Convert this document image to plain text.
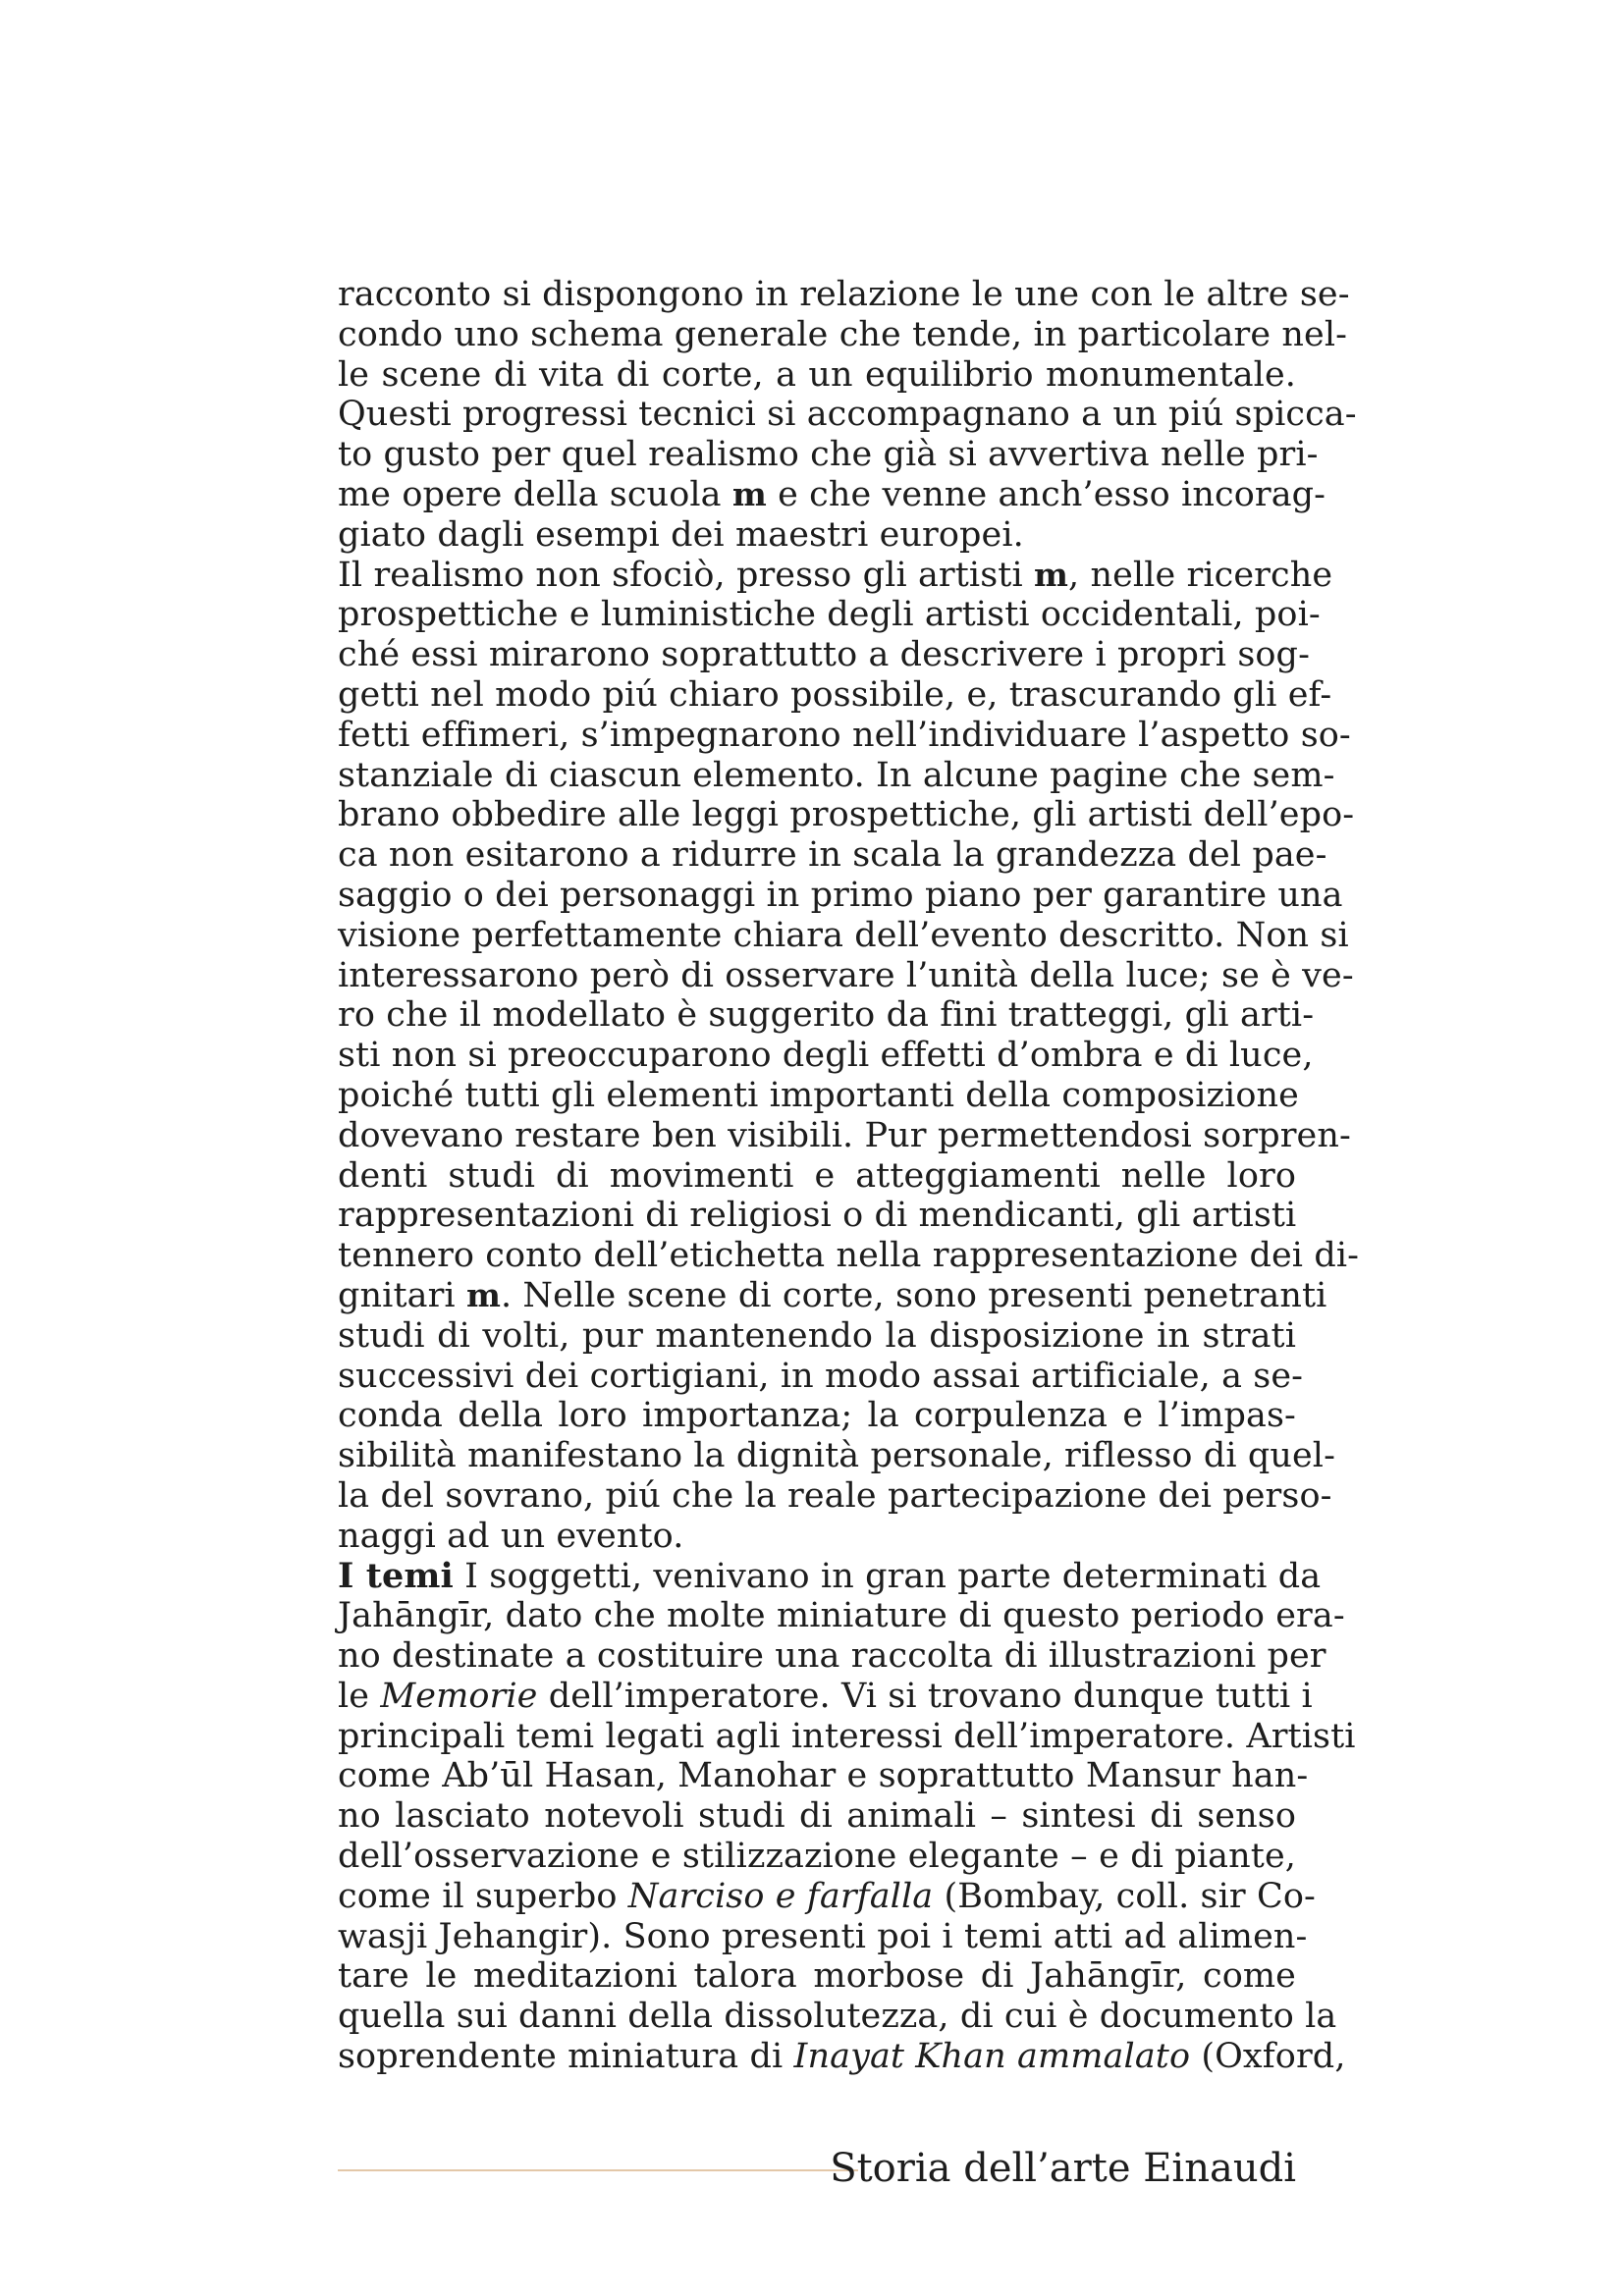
racconto si dispongono in relazione le une con le altre se-
condo uno schema generale che tende, in particolare nel-
le scene di vita di corte, a un equilibrio monumentale.
Questi progressi tecnici si accompagnano a un piú spicca-
to gusto per quel realismo che già si avvertiva nelle pri-
me opere della scuola m e che venne anch’esso incorag-
giato dagli esempi dei maestri europei.
Il realismo non sfociò, presso gli artisti m, nelle ricerche
prospettiche e luministiche degli artisti occidentali, poi-
ché essi mirarono soprattutto a descrivere i propri sog-
getti nel modo piú chiaro possibile, e, trascurando gli ef-
fetti effimeri, s’impegnarono nell’individuare l’aspetto so-
stanziale di ciascun elemento. In alcune pagine che sem-
brano obbedire alle leggi prospettiche, gli artisti dell’epo-
ca non esitarono a ridurre in scala la grandezza del pae-
saggio o dei personaggi in primo piano per garantire una
visione perfettamente chiara dell’evento descritto. Non si
interessarono però di osservare l’unità della luce; se è ve-
ro che il modellato è suggerito da fini tratteggi, gli arti-
sti non si preoccuparono degli effetti d’ombra e di luce,
poiché tutti gli elementi importanti della composizione
dovevano restare ben visibili. Pur permettendosi sorpren-
denti studi di movimenti e atteggiamenti nelle loro
rappresentazioni di religiosi o di mendicanti, gli artisti
tennero conto dell’etichetta nella rappresentazione dei di-
gnitari m. Nelle scene di corte, sono presenti penetranti
studi di volti, pur mantenendo la disposizione in strati
successivi dei cortigiani, in modo assai artificiale, a se-
conda della loro importanza; la corpulenza e l’impas-
sibilità manifestano la dignità personale, riflesso di quel-
la del sovrano, piú che la reale partecipazione dei perso-
naggi ad un evento.
I temi I soggetti, venivano in gran parte determinati da
Jahāngīr, dato che molte miniature di questo periodo era-
no destinate a costituire una raccolta di illustrazioni per
le Memorie dell’imperatore. Vi si trovano dunque tutti i
principali temi legati agli interessi dell’imperatore. Artisti
come Ab’ūl Hasan, Manohar e soprattutto Mansur han-
no lasciato notevoli studi di animali – sintesi di senso
dell’osservazione e stilizzazione elegante – e di piante,
come il superbo Narciso e farfalla (Bombay, coll. sir Co-
wasji Jehangir). Sono presenti poi i temi atti ad alimen-
tare le meditazioni talora morbose di Jahāngīr, come
quella sui danni della dissolutezza, di cui è documento la
soprendente miniatura di Inayat Khan ammalato (Oxford,
Storia dell’arte Einaudi
